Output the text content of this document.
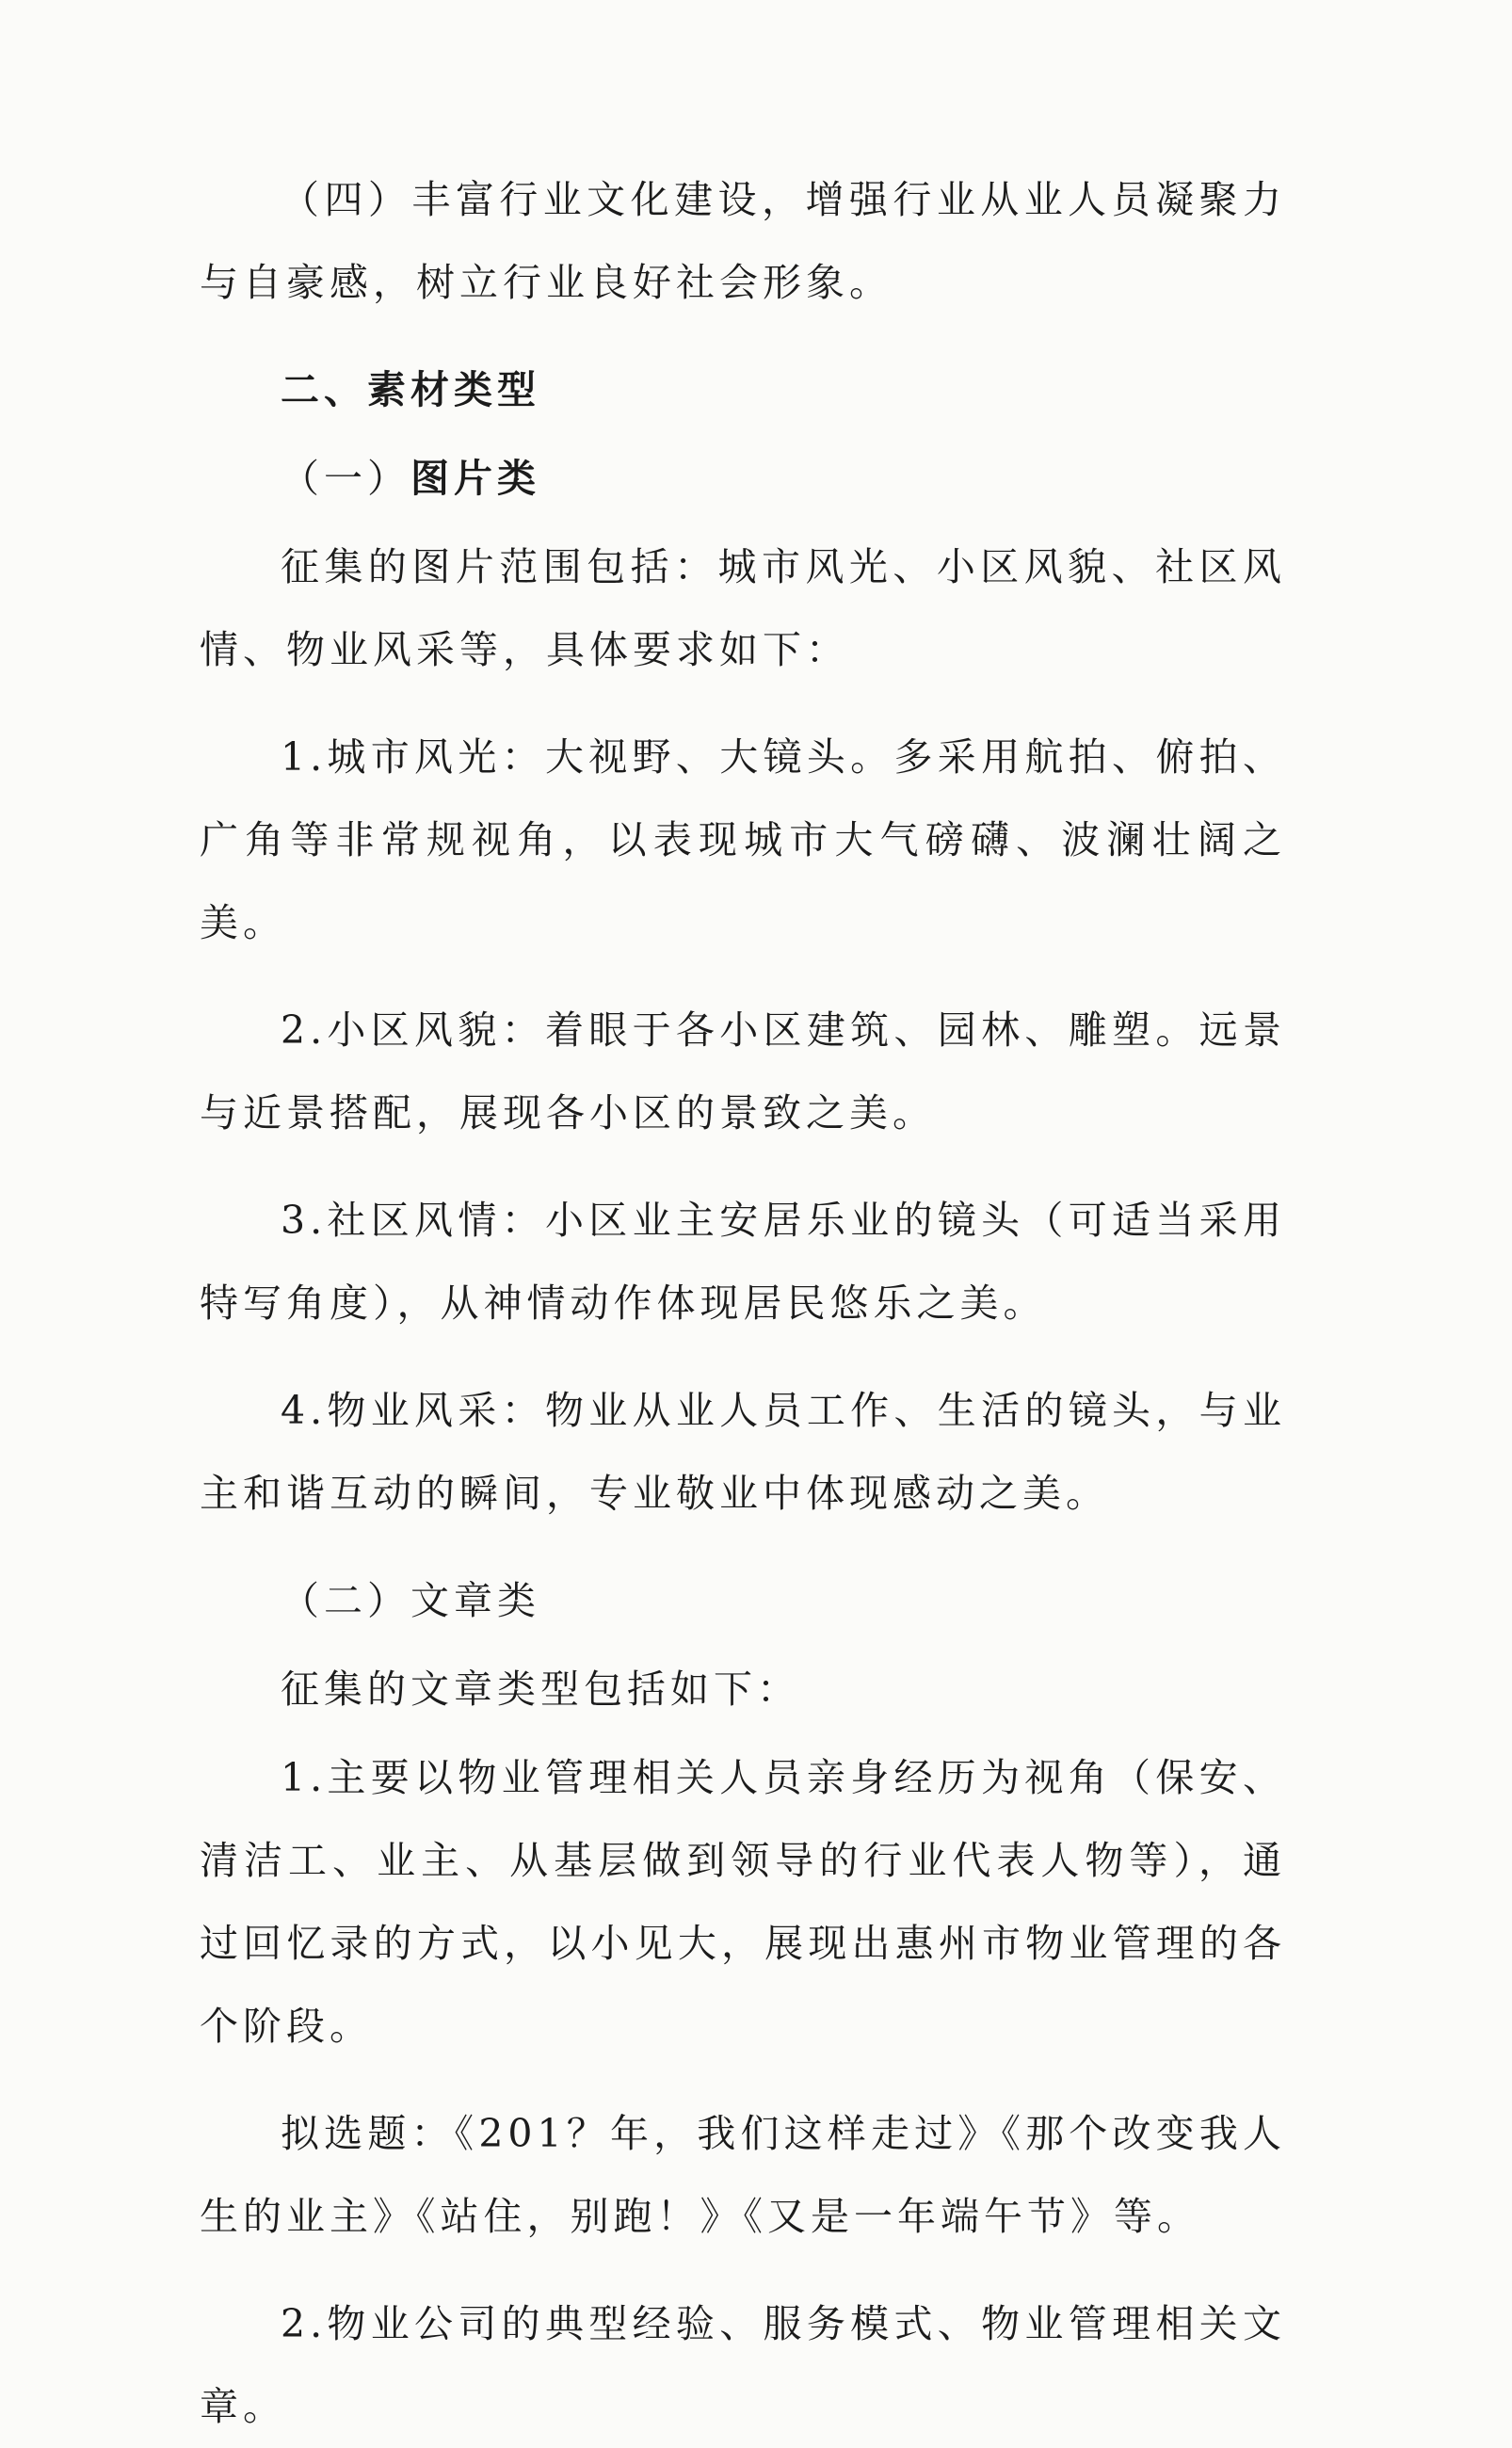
（四）丰富行业文化建设，增强行业从业人员凝聚力与自豪感，树立行业良好社会形象。

二、素材类型

（一）图片类

征集的图片范围包括：城市风光、小区风貌、社区风情、物业风采等，具体要求如下：

1.城市风光：大视野、大镜头。多采用航拍、俯拍、广角等非常规视角，以表现城市大气磅礴、波澜壮阔之美。

2.小区风貌：着眼于各小区建筑、园林、雕塑。远景与近景搭配，展现各小区的景致之美。

3.社区风情：小区业主安居乐业的镜头（可适当采用特写角度），从神情动作体现居民悠乐之美。

4.物业风采：物业从业人员工作、生活的镜头，与业主和谐互动的瞬间，专业敬业中体现感动之美。

（二）文章类

征集的文章类型包括如下：

1.主要以物业管理相关人员亲身经历为视角（保安、清洁工、业主、从基层做到领导的行业代表人物等），通过回忆录的方式，以小见大，展现出惠州市物业管理的各个阶段。

拟选题：《201？年，我们这样走过》《那个改变我人生的业主》《站住，别跑！》《又是一年端午节》等。

2.物业公司的典型经验、服务模式、物业管理相关文章。
